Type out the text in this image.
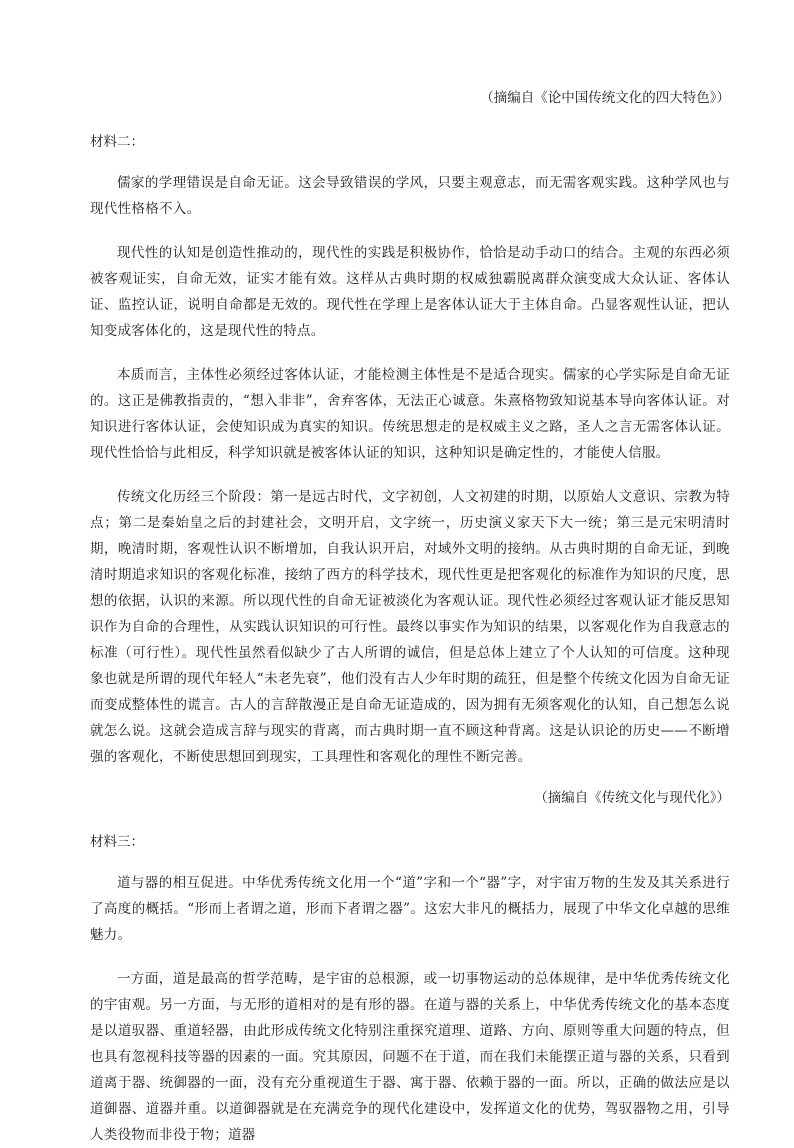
（摘编自《论中国传统文化的四大特色》）

材料二：

儒家的学理错误是自命无证。这会导致错误的学风，只要主观意志，而无需客观实践。这种学风也与现代性格格不入。

现代性的认知是创造性推动的，现代性的实践是积极协作，恰恰是动手动口的结合。主观的东西必须被客观证实，自命无效，证实才能有效。这样从古典时期的权威独霸脱离群众演变成大众认证、客体认证、监控认证，说明自命都是无效的。现代性在学理上是客体认证大于主体自命。凸显客观性认证，把认知变成客体化的，这是现代性的特点。

本质而言，主体性必须经过客体认证，才能检测主体性是不是适合现实。儒家的心学实际是自命无证的。这正是佛教指责的，“想入非非”，舍弃客体，无法正心诚意。朱熹格物致知说基本导向客体认证。对知识进行客体认证，会使知识成为真实的知识。传统思想走的是权威主义之路，圣人之言无需客体认证。现代性恰恰与此相反，科学知识就是被客体认证的知识，这种知识是确定性的，才能使人信服。

传统文化历经三个阶段：第一是远古时代，文字初创，人文初建的时期，以原始人文意识、宗教为特点；第二是秦始皇之后的封建社会，文明开启，文字统一，历史演义家天下大一统；第三是元宋明清时期，晚清时期，客观性认识不断增加，自我认识开启，对域外文明的接纳。从古典时期的自命无证，到晚清时期追求知识的客观化标准，接纳了西方的科学技术，现代性更是把客观化的标准作为知识的尺度，思想的依据，认识的来源。所以现代性的自命无证被淡化为客观认证。现代性必须经过客观认证才能反思知识作为自命的合理性，从实践认识知识的可行性。最终以事实作为知识的结果，以客观化作为自我意志的标准（可行性）。现代性虽然看似缺少了古人所谓的诚信，但是总体上建立了个人认知的可信度。这种现象也就是所谓的现代年轻人“未老先衰”，他们没有古人少年时期的疏狂，但是整个传统文化因为自命无证而变成整体性的谎言。古人的言辞散漫正是自命无证造成的，因为拥有无须客观化的认知，自己想怎么说就怎么说。这就会造成言辞与现实的背离，而古典时期一直不顾这种背离。这是认识论的历史——不断增强的客观化，不断使思想回到现实，工具理性和客观化的理性不断完善。

（摘编自《传统文化与现代化》）

材料三：

道与器的相互促进。中华优秀传统文化用一个“道”字和一个“器”字，对宇宙万物的生发及其关系进行了高度的概括。“形而上者谓之道，形而下者谓之器”。这宏大非凡的概括力，展现了中华文化卓越的思维魅力。

一方面，道是最高的哲学范畴，是宇宙的总根源，或一切事物运动的总体规律，是中华优秀传统文化的宇宙观。另一方面，与无形的道相对的是有形的器。在道与器的关系上，中华优秀传统文化的基本态度是以道驭器、重道轻器，由此形成传统文化特别注重探究道理、道路、方向、原则等重大问题的特点，但也具有忽视科技等器的因素的一面。究其原因，问题不在于道，而在我们未能摆正道与器的关系，只看到道离于器、统御器的一面，没有充分重视道生于器、寓于器、依赖于器的一面。所以，正确的做法应是以道御器、道器并重。以道御器就是在充满竞争的现代化建设中，发挥道文化的优势，驾驭器物之用，引导人类役物而非役于物；道器
